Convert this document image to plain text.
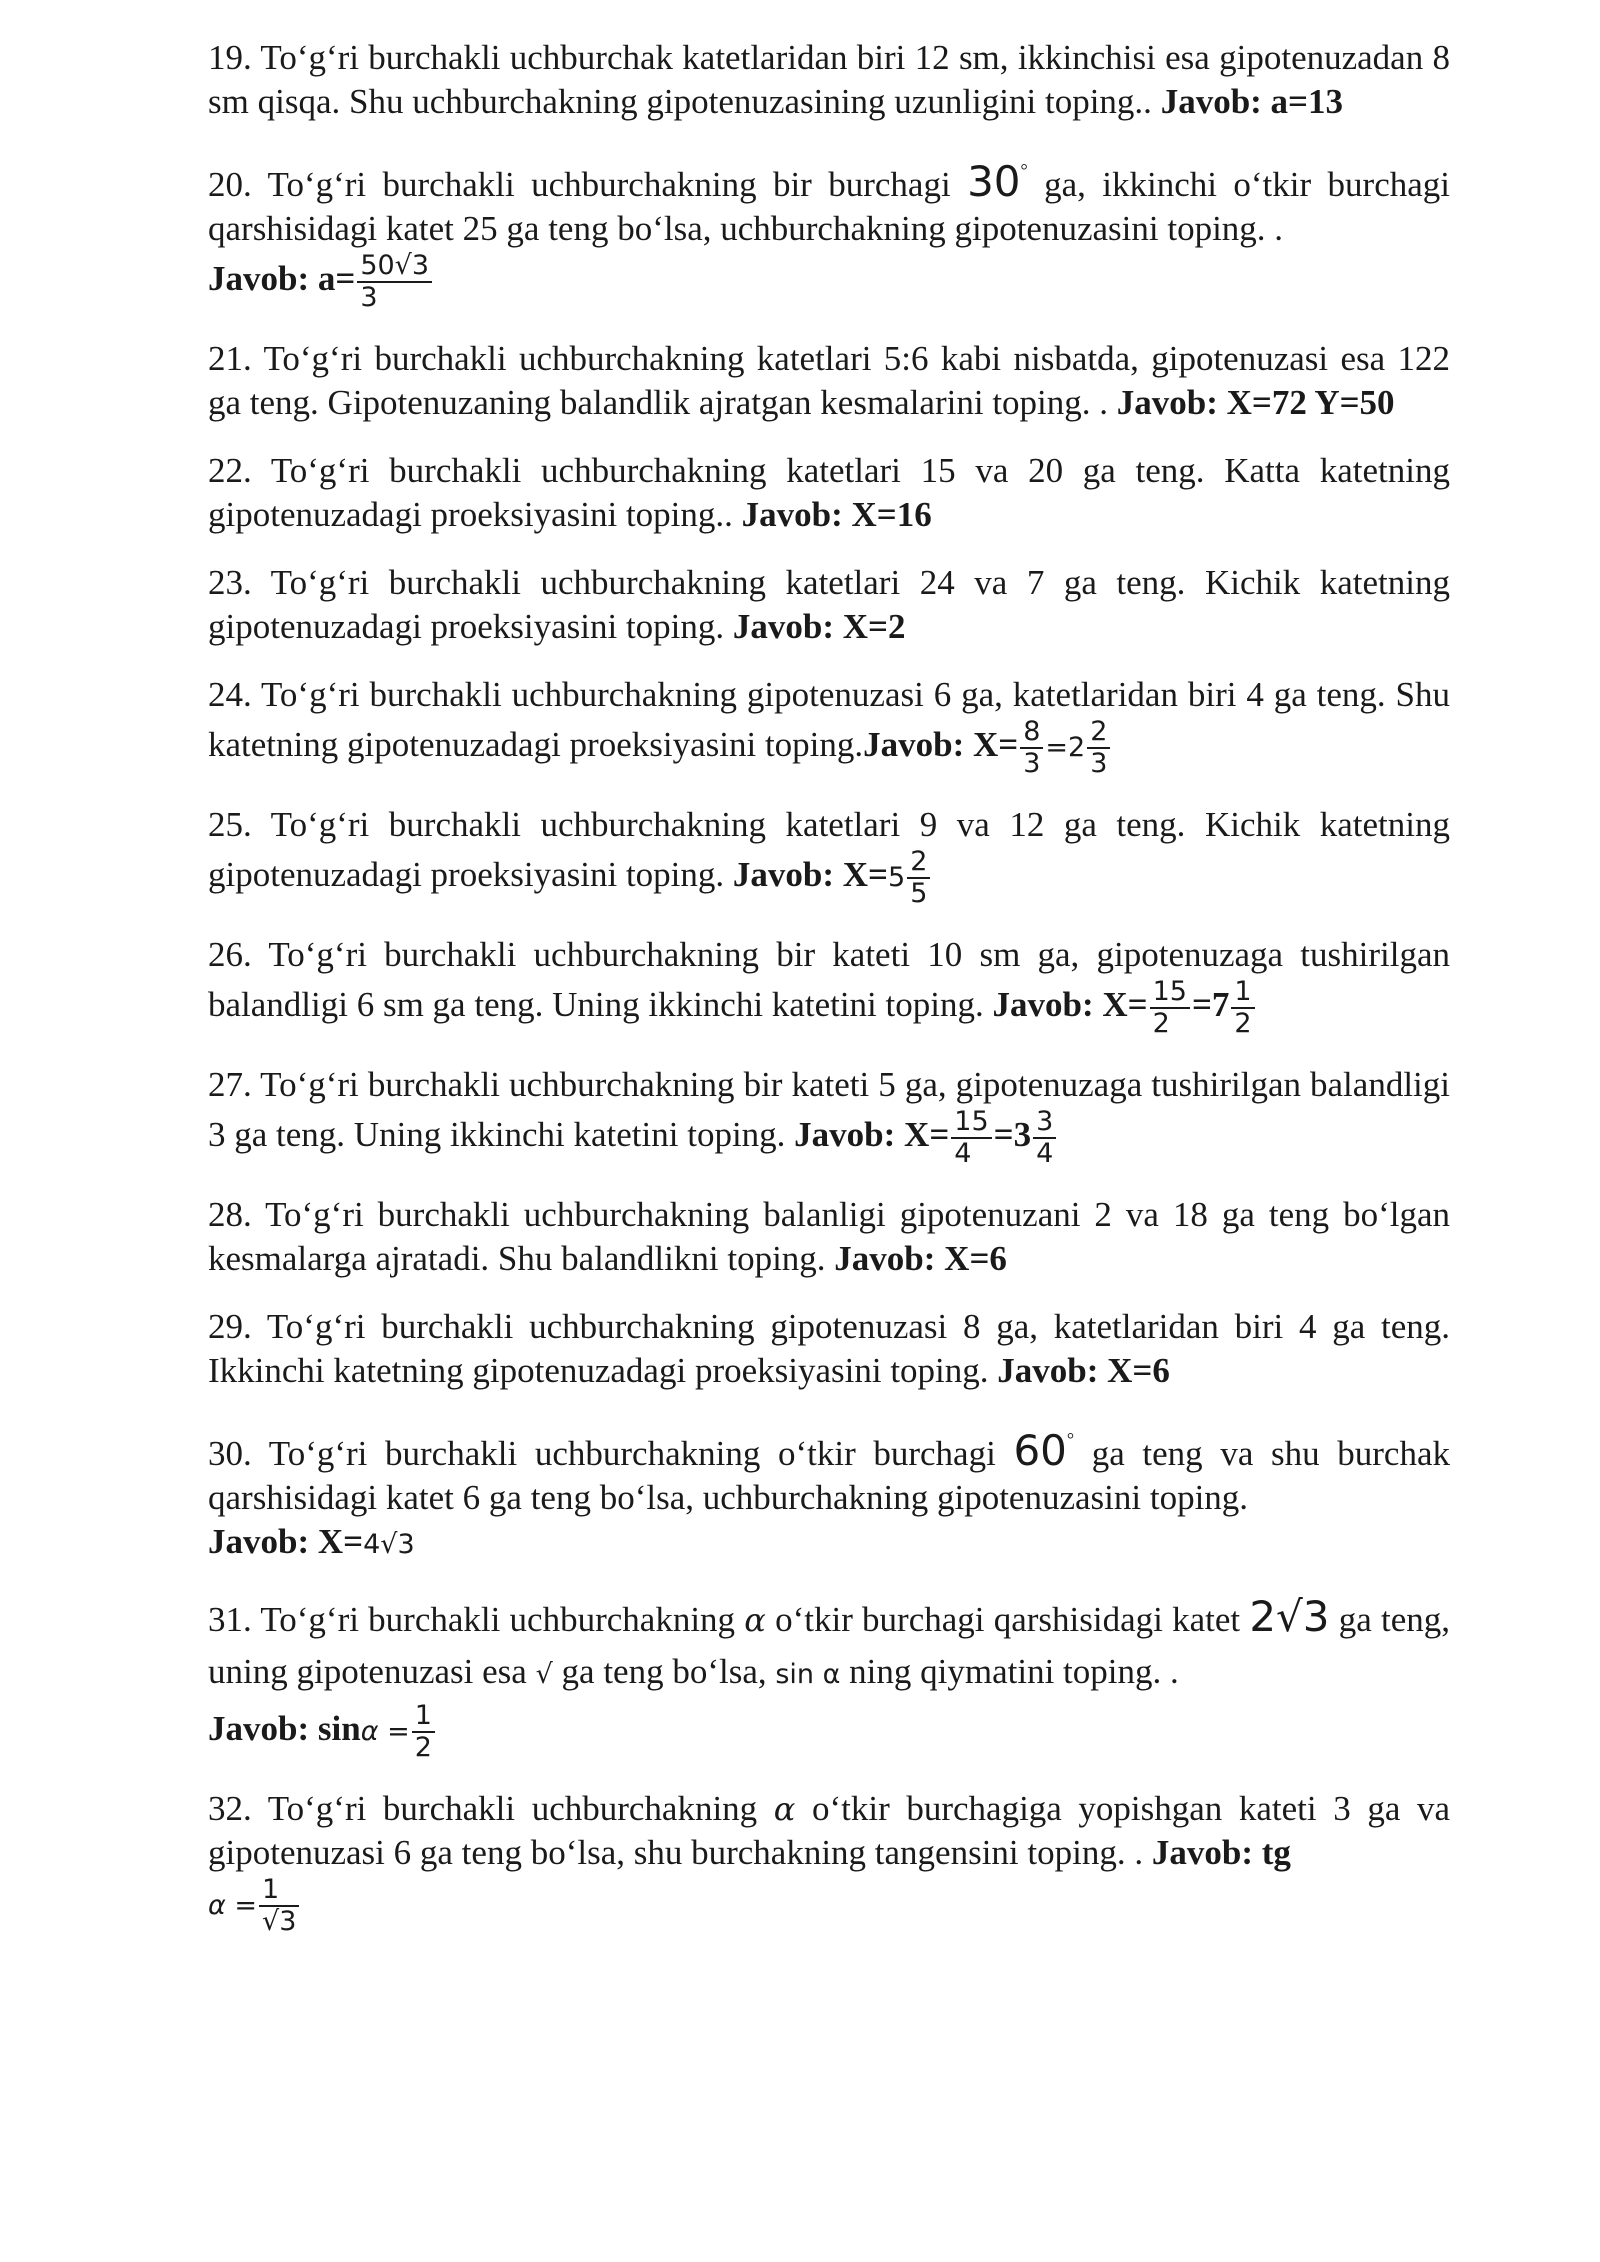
19. To‘g‘ri burchakli uchburchak katetlaridan biri 12 sm, ikkinchisi esa gipotenuzadan 8 sm qisqa. Shu uchburchakning gipotenuzasining uzunligini toping.. Javob: a=13

20. To‘g‘ri burchakli uchburchakning bir burchagi 30° ga, ikkinchi o‘tkir burchagi qarshisidagi katet 25 ga teng bo‘lsa, uchburchakning gipotenuzasini toping. .
Javob: $a= \frac{50√3}{3}$

21. To‘g‘ri burchakli uchburchakning katetlari 5:6 kabi nisbatda, gipotenuzasi esa 122 ga teng. Gipotenuzaning balandlik ajratgan kesmalarini toping. . Javob: X=72 Y=50

22. To‘g‘ri burchakli uchburchakning katetlari 15 va 20 ga teng. Katta katetning gipotenuzadagi proeksiyasini toping.. Javob: X=16

23. To‘g‘ri burchakli uchburchakning katetlari 24 va 7 ga teng. Kichik katetning gipotenuzadagi proeksiyasini toping. Javob: X=2

24. To‘g‘ri burchakli uchburchakning gipotenuzasi 6 ga, katetlaridan biri 4 ga teng. Shu katetning gipotenuzadagi proeksiyasini toping.Javob: $X= \frac{8}{3} =2 \frac{2}{3}$

25. To‘g‘ri burchakli uchburchakning katetlari 9 va 12 ga teng. Kichik katetning gipotenuzadagi proeksiyasini toping. Javob: $X=5 \frac{2}{5}$

26. To‘g‘ri burchakli uchburchakning bir kateti 10 sm ga, gipotenuzaga tushirilgan balandligi 6 sm ga teng. Uning ikkinchi katetini toping. Javob: $X= \frac{15}{2} =7 \frac{1}{2}$

27. To‘g‘ri burchakli uchburchakning bir kateti 5 ga, gipotenuzaga tushirilgan balandligi 3 ga teng. Uning ikkinchi katetini toping. Javob: $X= \frac{15}{4} =3 \frac{3}{4}$

28. To‘g‘ri burchakli uchburchakning balanligi gipotenuzani 2 va 18 ga teng bo‘lgan kesmalarga ajratadi. Shu balandlikni toping. Javob: X=6

29. To‘g‘ri burchakli uchburchakning gipotenuzasi 8 ga, katetlaridan biri 4 ga teng. Ikkinchi katetning gipotenuzadagi proeksiyasini toping. Javob: X=6

30. To‘g‘ri burchakli uchburchakning o‘tkir burchagi 60° ga teng va shu burchak qarshisidagi katet 6 ga teng bo‘lsa, uchburchakning gipotenuzasini toping.
Javob: X=4√3

31. To‘g‘ri burchakli uchburchakning α o‘tkir burchagi qarshisidagi katet 2√3 ga teng, uning gipotenuzasi esa √ ga teng bo‘lsa, sin α ning qiymatini toping. .
Javob: $\sin\alpha = \frac{1}{2}$

32. To‘g‘ri burchakli uchburchakning α o‘tkir burchagiga yopishgan kateti 3 ga va gipotenuzasi 6 ga teng bo‘lsa, shu burchakning tangensini toping. . Javob: tg
$\alpha = \frac{1}{√3}$
